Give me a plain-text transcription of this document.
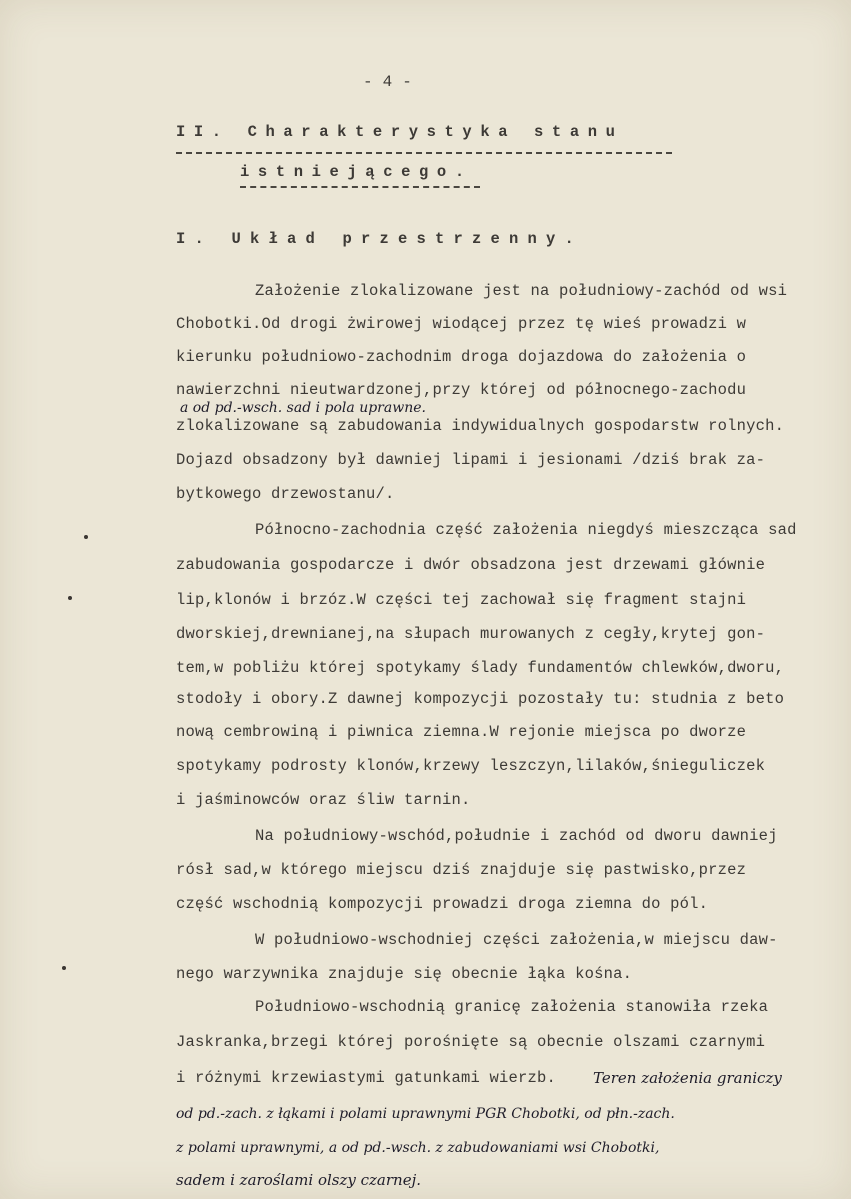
- 4 -
II. Charakterystyka stanu
istniejącego.
I. Układ przestrzenny.
Założenie zlokalizowane jest na południowy-zachód od wsi
Chobotki.Od drogi żwirowej wiodącej przez tę wieś prowadzi w
kierunku południowo-zachodnim droga dojazdowa do założenia o
nawierzchni nieutwardzonej,przy której od północnego-zachodu
a od pd.-wsch. sad i pola uprawne.
zlokalizowane są zabudowania indywidualnych gospodarstw rolnych.
Dojazd obsadzony był dawniej lipami i jesionami /dziś brak za-
bytkowego drzewostanu/.
Północno-zachodnia część założenia niegdyś mieszcząca sad
zabudowania gospodarcze i dwór obsadzona jest drzewami głównie
lip,klonów i brzóz.W części tej zachował się fragment stajni
dworskiej,drewnianej,na słupach murowanych z cegły,krytej gon-
tem,w pobliżu której spotykamy ślady fundamentów chlewków,dworu,
stodoły i obory.Z dawnej kompozycji pozostały tu: studnia z beto
nową cembrowiną i piwnica ziemna.W rejonie miejsca po dworze
spotykamy podrosty klonów,krzewy leszczyn,lilaków,śnieguliczek
i jaśminowców oraz śliw tarnin.
Na południowy-wschód,południe i zachód od dworu dawniej
rósł sad,w którego miejscu dziś znajduje się pastwisko,przez
część wschodnią kompozycji prowadzi droga ziemna do pól.
W południowo-wschodniej części założenia,w miejscu daw-
nego warzywnika znajduje się obecnie łąka kośna.
Południowo-wschodnią granicę założenia stanowiła rzeka
Jaskranka,brzegi której porośnięte są obecnie olszami czarnymi
i różnymi krzewiastymi gatunkami wierzb. Teren założenia graniczy
od pd.-zach. z łąkami i polami uprawnymi PGR Chobotki, od płn.-zach.
z polami uprawnymi, a od pd.-wsch. z zabudowaniami wsi Chobotki,
sadem i zaroślami olszy czarnej.
